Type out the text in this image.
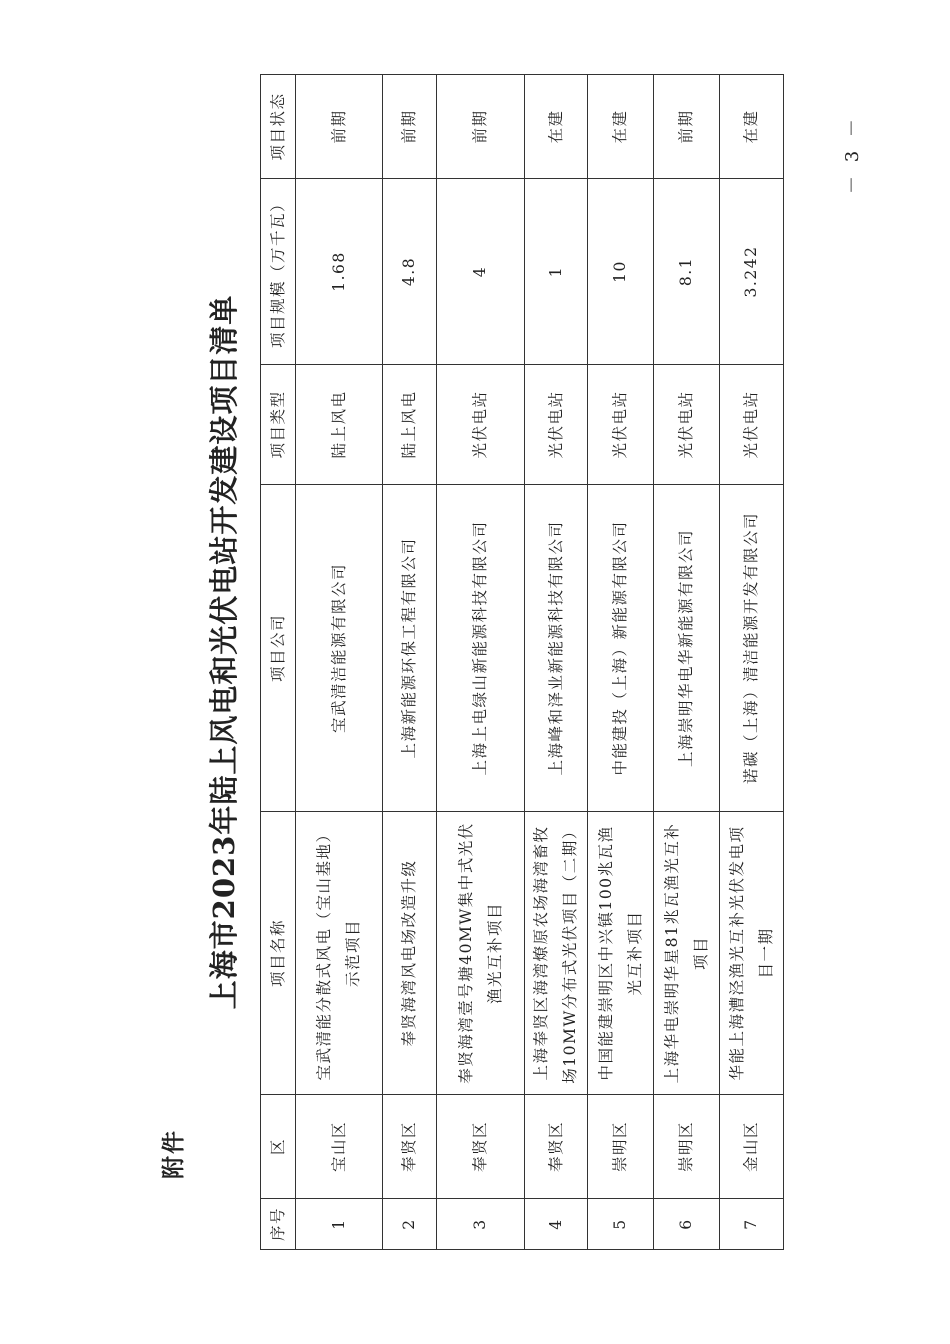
附件
上海市2023年陆上风电和光伏电站开发建设项目清单
序号	区	项目名称	项目公司	项目类型	项目规模（万千瓦）	项目状态
1	宝山区	宝武清能分散式风电（宝山基地）示范项目	宝武清洁能源有限公司	陆上风电	1.68	前期
2	奉贤区	奉贤海湾风电场改造升级	上海新能源环保工程有限公司	陆上风电	4.8	前期
3	奉贤区	奉贤海湾壹号塘40MW集中式光伏渔光互补项目	上海上电绿山新能源科技有限公司	光伏电站	4	前期
4	奉贤区	上海奉贤区海湾燎原农场海湾畜牧场10MW分布式光伏项目（二期）	上海峰和泽业新能源科技有限公司	光伏电站	1	在建
5	崇明区	中国能建崇明区中兴镇100兆瓦渔光互补项目	中能建投（上海）新能源有限公司	光伏电站	10	在建
6	崇明区	上海华电崇明华星81兆瓦渔光互补项目	上海崇明华电华新能源有限公司	光伏电站	8.1	前期
7	金山区	华能上海漕泾渔光互补光伏发电项目一期	诺碳（上海）清洁能源开发有限公司	光伏电站	3.242	在建	－ 3 －
